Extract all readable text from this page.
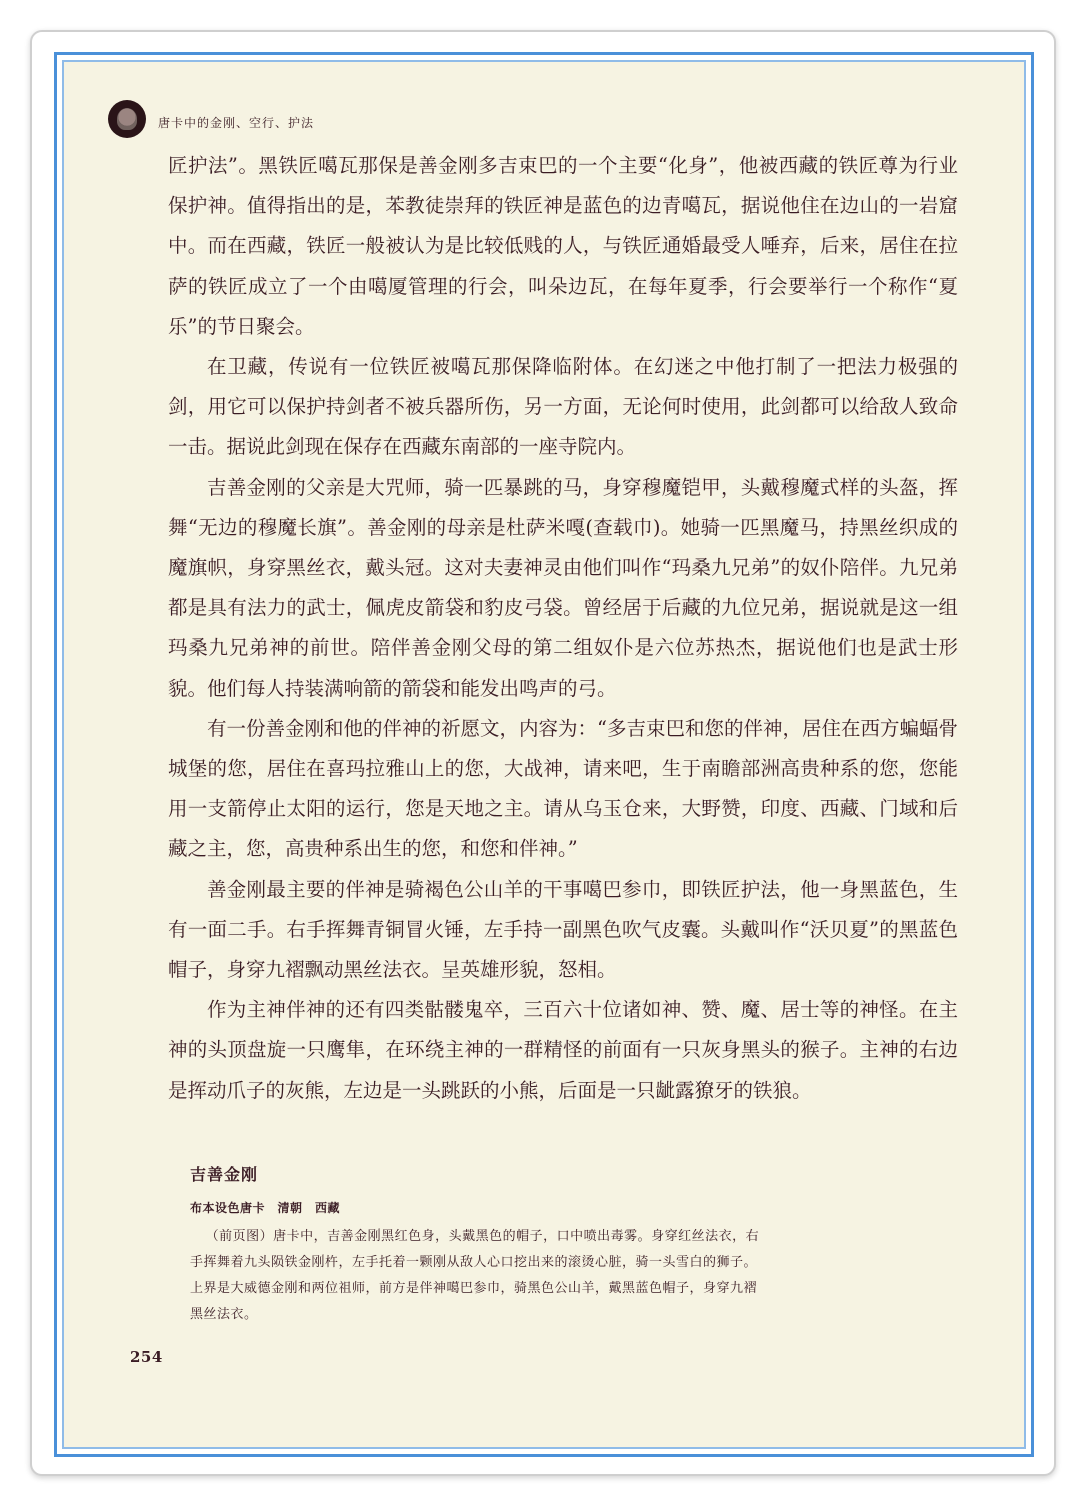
唐卡中的金刚、空行、护法

匠护法”。黑铁匠噶瓦那保是善金刚多吉束巴的一个主要“化身”，他被西藏的铁匠尊为行业保护神。值得指出的是，苯教徒崇拜的铁匠神是蓝色的边青噶瓦，据说他住在边山的一岩窟中。而在西藏，铁匠一般被认为是比较低贱的人，与铁匠通婚最受人唾弃，后来，居住在拉萨的铁匠成立了一个由噶厦管理的行会，叫朵边瓦，在每年夏季，行会要举行一个称作“夏乐”的节日聚会。

在卫藏，传说有一位铁匠被噶瓦那保降临附体。在幻迷之中他打制了一把法力极强的剑，用它可以保护持剑者不被兵器所伤，另一方面，无论何时使用，此剑都可以给敌人致命一击。据说此剑现在保存在西藏东南部的一座寺院内。

吉善金刚的父亲是大咒师，骑一匹暴跳的马，身穿穆魔铠甲，头戴穆魔式样的头盔，挥舞“无边的穆魔长旗”。善金刚的母亲是杜萨米嘎(查载巾)。她骑一匹黑魔马，持黑丝织成的魔旗帜，身穿黑丝衣，戴头冠。这对夫妻神灵由他们叫作“玛桑九兄弟”的奴仆陪伴。九兄弟都是具有法力的武士，佩虎皮箭袋和豹皮弓袋。曾经居于后藏的九位兄弟，据说就是这一组玛桑九兄弟神的前世。陪伴善金刚父母的第二组奴仆是六位苏热杰，据说他们也是武士形貌。他们每人持装满响箭的箭袋和能发出鸣声的弓。

有一份善金刚和他的伴神的祈愿文，内容为：“多吉束巴和您的伴神，居住在西方蝙蝠骨城堡的您，居住在喜玛拉雅山上的您，大战神，请来吧，生于南瞻部洲高贵种系的您，您能用一支箭停止太阳的运行，您是天地之主。请从乌玉仓来，大野赞，印度、西藏、门域和后藏之主，您，高贵种系出生的您，和您和伴神。”

善金刚最主要的伴神是骑褐色公山羊的干事噶巴参巾，即铁匠护法，他一身黑蓝色，生有一面二手。右手挥舞青铜冒火锤，左手持一副黑色吹气皮囊。头戴叫作“沃贝夏”的黑蓝色帽子，身穿九褶飘动黑丝法衣。呈英雄形貌，怒相。

作为主神伴神的还有四类骷髅鬼卒，三百六十位诸如神、赞、魔、居士等的神怪。在主神的头顶盘旋一只鹰隼，在环绕主神的一群精怪的前面有一只灰身黑头的猴子。主神的右边是挥动爪子的灰熊，左边是一头跳跃的小熊，后面是一只龇露獠牙的铁狼。

吉善金刚
布本设色唐卡　清朝　西藏
（前页图）唐卡中，吉善金刚黑红色身，头戴黑色的帽子，口中喷出毒雾。身穿红丝法衣，右手挥舞着九头陨铁金刚杵，左手托着一颗刚从敌人心口挖出来的滚烫心脏，骑一头雪白的狮子。上界是大威德金刚和两位祖师，前方是伴神噶巴参巾，骑黑色公山羊，戴黑蓝色帽子，身穿九褶黑丝法衣。
254
